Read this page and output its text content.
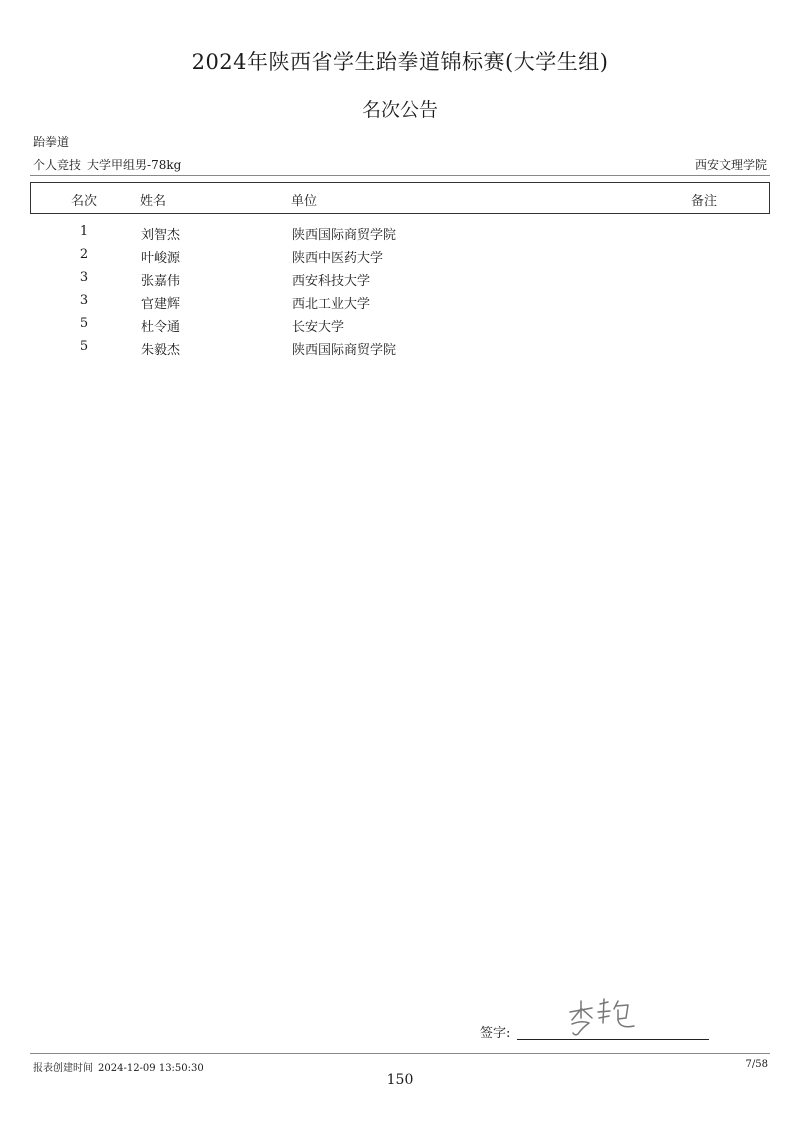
2024年陕西省学生跆拳道锦标赛(大学生组)
名次公告
跆拳道
个人竞技 大学甲组男-78kg	西安文理学院
名次	姓名	单位	备注
1	刘智杰	陕西国际商贸学院
2	叶峻源	陕西中医药大学
3	张嘉伟	西安科技大学
3	官建辉	西北工业大学
5	杜令通	长安大学
5	朱毅杰	陕西国际商贸学院
签字:
报表创建时间 2024-12-09 13:50:30	7/58
150
